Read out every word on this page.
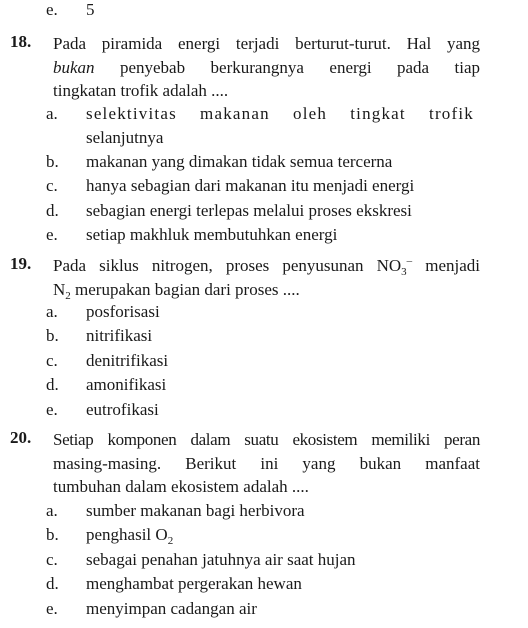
e. 5
18. Pada piramida energi terjadi berturut-turut. Hal yang
bukan penyebab berkurangnya energi pada tiap
tingkatan trofik adalah ....
a. selektivitas makanan oleh tingkat trofik
selanjutnya
b. makanan yang dimakan tidak semua tercerna
c. hanya sebagian dari makanan itu menjadi energi
d. sebagian energi terlepas melalui proses ekskresi
e. setiap makhluk membutuhkan energi
19. Pada siklus nitrogen, proses penyusunan $NO_3^-$ menjadi
$N_2$ merupakan bagian dari proses ....
a. posforisasi
b. nitrifikasi
c. denitrifikasi
d. amonifikasi
e. eutrofikasi
20. Setiap komponen dalam suatu ekosistem memiliki peran
masing-masing. Berikut ini yang bukan manfaat
tumbuhan dalam ekosistem adalah ....
a. sumber makanan bagi herbivora
b. penghasil $O_2$
c. sebagai penahan jatuhnya air saat hujan
d. menghambat pergerakan hewan
e. menyimpan cadangan air
